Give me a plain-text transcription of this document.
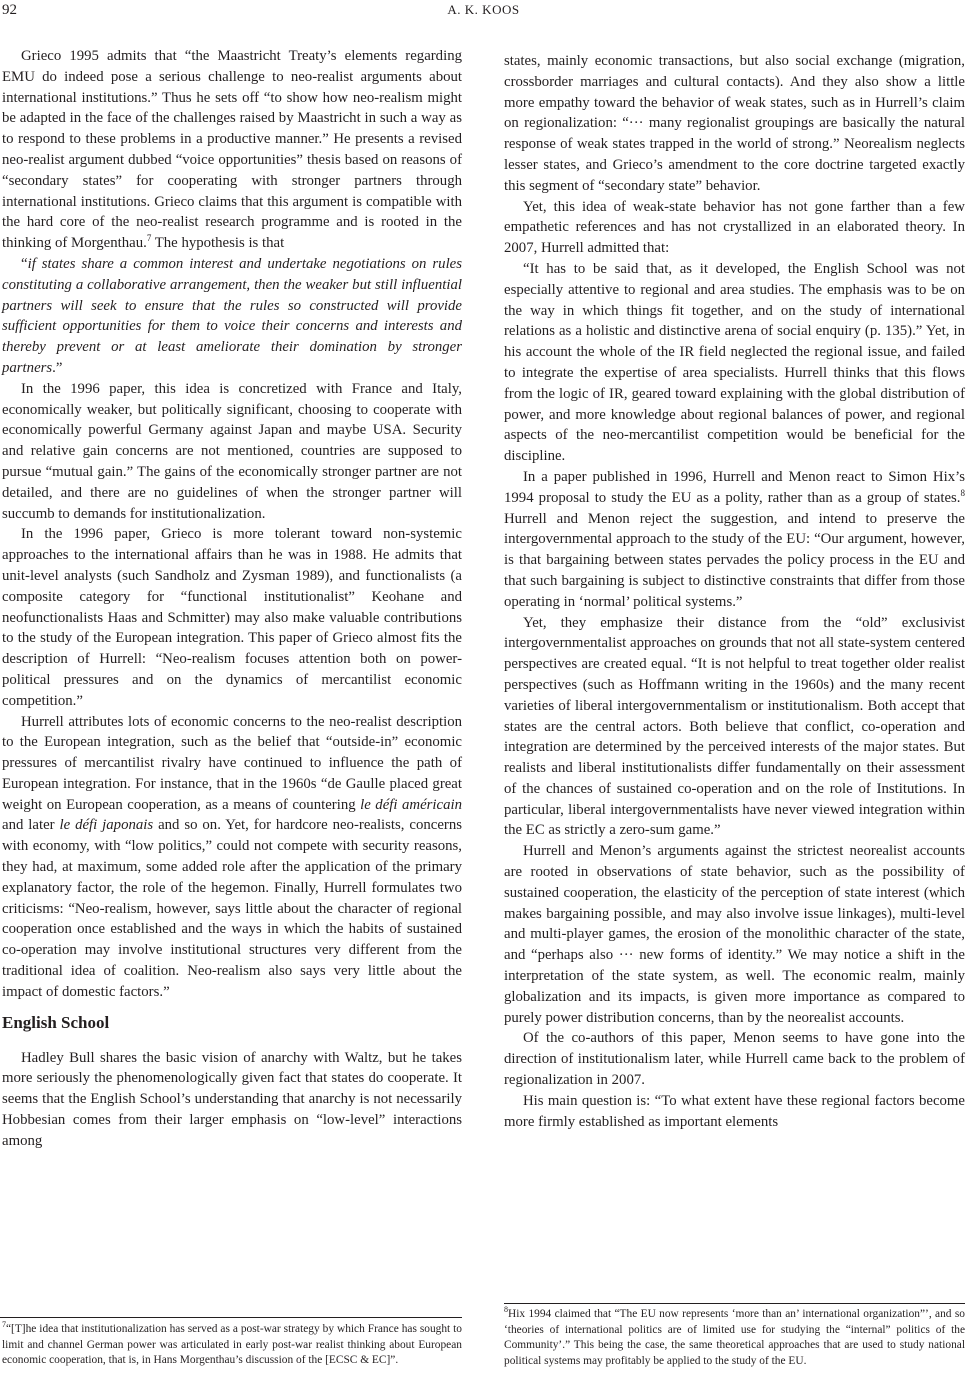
92	A. K. KOOS

Grieco 1995 admits that “the Maastricht Treaty’s elements regarding EMU do indeed pose a serious challenge to neo-realist arguments about international institutions.” Thus he sets off “to show how neo-realism might be adapted in the face of the challenges raised by Maastricht in such a way as to respond to these problems in a productive manner.” He presents a revised neo-realist argument dubbed “voice opportunities” thesis based on reasons of “secondary states” for cooperating with stronger partners through international institutions. Grieco claims that this argument is compatible with the hard core of the neo-realist research programme and is rooted in the thinking of Morgenthau.$^7$ The hypothesis is that

“if states share a common interest and undertake negotiations on rules constituting a collaborative arrangement, then the weaker but still influential partners will seek to ensure that the rules so constructed will provide sufficient opportunities for them to voice their concerns and interests and thereby prevent or at least ameliorate their domination by stronger partners.”

In the 1996 paper, this idea is concretized with France and Italy, economically weaker, but politically significant, choosing to cooperate with economically powerful Germany against Japan and maybe USA. Security and relative gain concerns are not mentioned, countries are supposed to pursue “mutual gain.” The gains of the economically stronger partner are not detailed, and there are no guidelines of when the stronger partner will succumb to demands for institutionalization.

In the 1996 paper, Grieco is more tolerant toward non-systemic approaches to the international affairs than he was in 1988. He admits that unit-level analysts (such Sandholz and Zysman 1989), and functionalists (a composite category for “functional institutionalist” Keohane and neofunctionalists Haas and Schmitter) may also make valuable contributions to the study of the European integration. This paper of Grieco almost fits the description of Hurrell: “Neo-realism focuses attention both on power-political pressures and on the dynamics of mercantilist economic competition.”

Hurrell attributes lots of economic concerns to the neo-realist description to the European integration, such as the belief that “outside-in” economic pressures of mercantilist rivalry have continued to influence the path of European integration. For instance, that in the 1960s “de Gaulle placed great weight on European cooperation, as a means of countering le défi américain and later le défi japonais and so on. Yet, for hardcore neo-realists, concerns with economy, with “low politics,” could not compete with security reasons, they had, at maximum, some added role after the application of the primary explanatory factor, the role of the hegemon. Finally, Hurrell formulates two criticisms: “Neo-realism, however, says little about the character of regional cooperation once established and the ways in which the habits of sustained co-operation may involve institutional structures very different from the traditional idea of coalition. Neo-realism also says very little about the impact of domestic factors.”

English School

Hadley Bull shares the basic vision of anarchy with Waltz, but he takes more seriously the phenomenologically given fact that states do cooperate. It seems that the English School’s understanding that anarchy is not necessarily Hobbesian comes from their larger emphasis on “low-level” interactions among

states, mainly economic transactions, but also social exchange (migration, crossborder marriages and cultural contacts). And they also show a little more empathy toward the behavior of weak states, such as in Hurrell’s claim on regionalization: “··· many regionalist groupings are basically the natural response of weak states trapped in the world of strong.” Neorealism neglects lesser states, and Grieco’s amendment to the core doctrine targeted exactly this segment of “secondary state” behavior.

Yet, this idea of weak-state behavior has not gone farther than a few empathetic references and has not crystallized in an elaborated theory. In 2007, Hurrell admitted that:

“It has to be said that, as it developed, the English School was not especially attentive to regional and area studies. The emphasis was to be on the way in which things fit together, and on the study of international relations as a holistic and distinctive arena of social enquiry (p. 135).” Yet, in his account the whole of the IR field neglected the regional issue, and failed to integrate the expertise of area specialists. Hurrell thinks that this flows from the logic of IR, geared toward explaining with the global distribution of power, and more knowledge about regional balances of power, and regional aspects of the neo-mercantilist competition would be beneficial for the discipline.

In a paper published in 1996, Hurrell and Menon react to Simon Hix’s 1994 proposal to study the EU as a polity, rather than as a group of states.$^8$ Hurrell and Menon reject the suggestion, and intend to preserve the intergovernmental approach to the study of the EU: “Our argument, however, is that bargaining between states pervades the policy process in the EU and that such bargaining is subject to distinctive constraints that differ from those operating in ‘normal’ political systems.”

Yet, they emphasize their distance from the “old” exclusivist intergovernmentalist approaches on grounds that not all state-system centered perspectives are created equal. “It is not helpful to treat together older realist perspectives (such as Hoffmann writing in the 1960s) and the many recent varieties of liberal intergovernmentalism or institutionalism. Both accept that states are the central actors. Both believe that conflict, co-operation and integration are determined by the perceived interests of the major states. But realists and liberal institutionalists differ fundamentally on their assessment of the chances of sustained co-operation and on the role of Institutions. In particular, liberal intergovernmentalists have never viewed integration within the EC as strictly a zero-sum game.”

Hurrell and Menon’s arguments against the strictest neorealist accounts are rooted in observations of state behavior, such as the possibility of sustained cooperation, the elasticity of the perception of state interest (which makes bargaining possible, and may also involve issue linkages), multi-level and multi-player games, the erosion of the monolithic character of the state, and “perhaps also ··· new forms of identity.” We may notice a shift in the interpretation of the state system, as well. The economic realm, mainly globalization and its impacts, is given more importance as compared to purely power distribution concerns, than by the neorealist accounts.

Of the co-authors of this paper, Menon seems to have gone into the direction of institutionalism later, while Hurrell came back to the problem of regionalization in 2007.

His main question is: “To what extent have these regional factors become more firmly established as important elements

$^7$“[T]he idea that institutionalization has served as a post-war strategy by which France has sought to limit and channel German power was articulated in early post-war realist thinking about European economic cooperation, that is, in Hans Morgenthau’s discussion of the [ECSC & EC]”.
$^8$Hix 1994 claimed that “The EU now represents ‘more than an’ international organization”’, and so ‘theories of international politics are of limited use for studying the “internal” politics of the Community’.” This being the case, the same theoretical approaches that are used to study national political systems may profitably be applied to the study of the EU.
